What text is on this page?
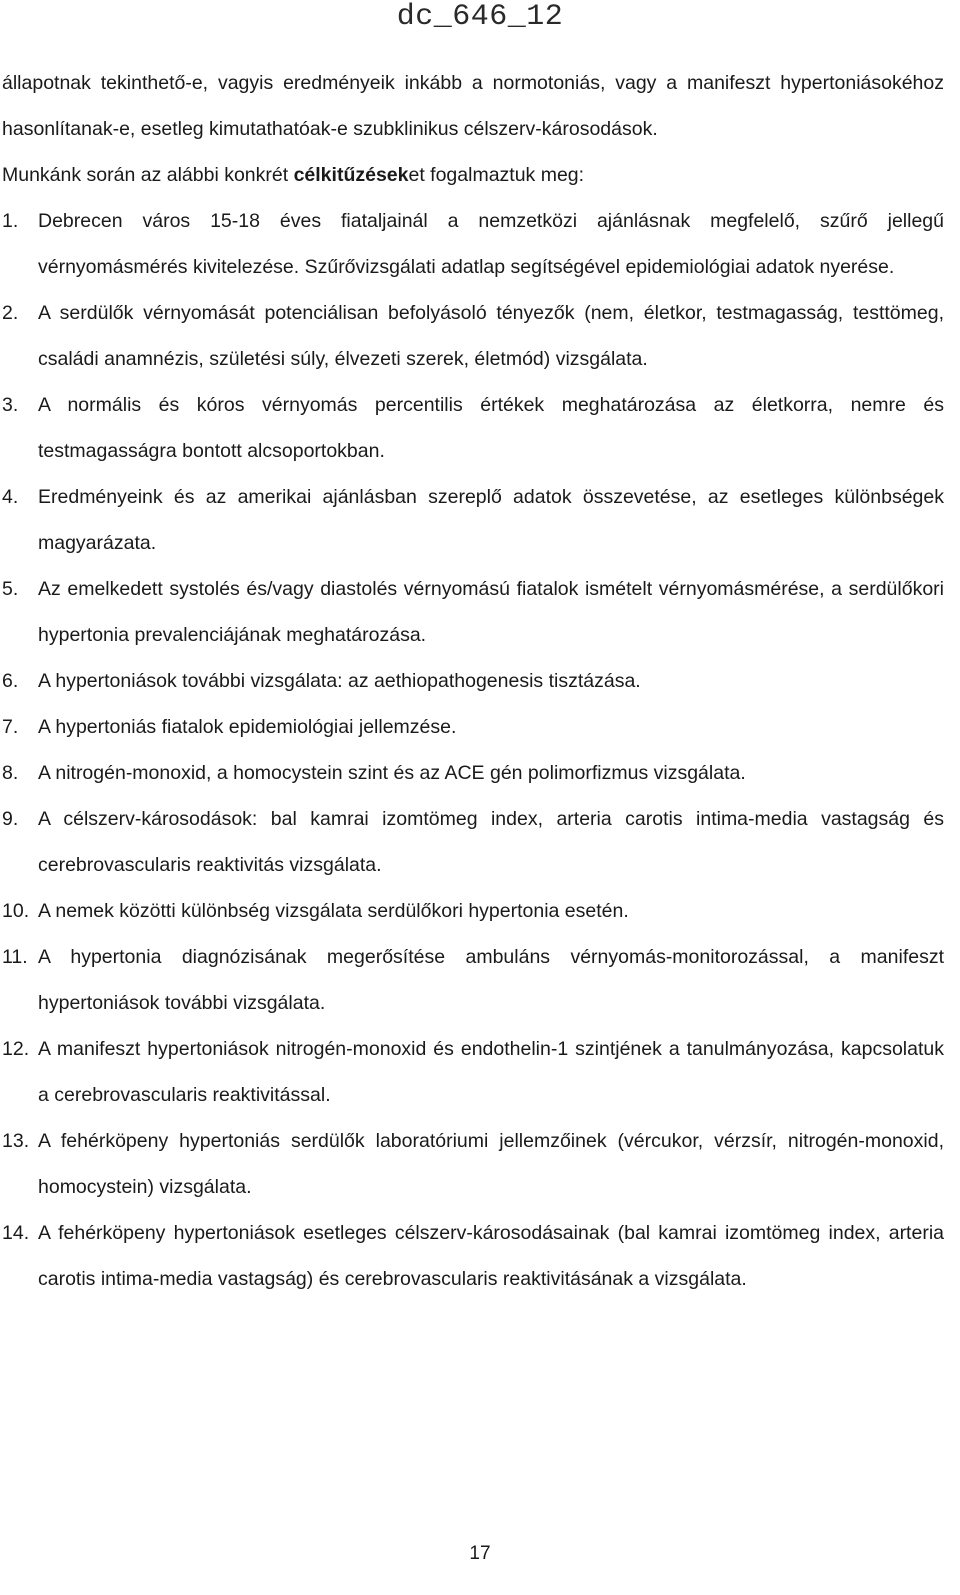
dc_646_12

állapotnak tekinthető-e, vagyis eredményeik inkább a normotoniás, vagy a manifeszt hypertoniásokéhoz hasonlítanak-e, esetleg kimutathatóak-e szubklinikus célszerv-károsodások.

Munkánk során az alábbi konkrét célkitűzéseket fogalmaztuk meg:

1.	Debrecen város 15-18 éves fiataljainál a nemzetközi ajánlásnak megfelelő, szűrő jellegű vérnyomásmérés kivitelezése. Szűrővizsgálati adatlap segítségével epidemiológiai adatok nyerése.
2.	A serdülők vérnyomását potenciálisan befolyásoló tényezők (nem, életkor, testmagasság, testtömeg, családi anamnézis, születési súly, élvezeti szerek, életmód) vizsgálata.
3.	A normális és kóros vérnyomás percentilis értékek meghatározása az életkorra, nemre és testmagasságra bontott alcsoportokban.
4.	Eredményeink és az amerikai ajánlásban szereplő adatok összevetése, az esetleges különbségek magyarázata.
5.	Az emelkedett systolés és/vagy diastolés vérnyomású fiatalok ismételt vérnyomásmérése, a serdülőkori hypertonia prevalenciájának meghatározása.
6.	A hypertoniások további vizsgálata: az aethiopathogenesis tisztázása.
7.	A hypertoniás fiatalok epidemiológiai jellemzése.
8.	A nitrogén-monoxid, a homocystein szint és az ACE gén polimorfizmus vizsgálata.
9.	A célszerv-károsodások: bal kamrai izomtömeg index, arteria carotis intima-media vastagság és cerebrovascularis reaktivitás vizsgálata.
10. A nemek közötti különbség vizsgálata serdülőkori hypertonia esetén.
11. A hypertonia diagnózisának megerősítése ambuláns vérnyomás-monitorozással, a manifeszt hypertoniások további vizsgálata.
12. A manifeszt hypertoniások nitrogén-monoxid és endothelin-1 szintjének a tanulmányozása, kapcsolatuk a cerebrovascularis reaktivitással.
13. A fehérköpeny hypertoniás serdülők laboratóriumi jellemzőinek (vércukor, vérzsír, nitrogén-monoxid, homocystein) vizsgálata.
14. A fehérköpeny hypertoniások esetleges célszerv-károsodásainak (bal kamrai izomtömeg index, arteria carotis intima-media vastagság) és cerebrovascularis reaktivitásának a vizsgálata.
17
